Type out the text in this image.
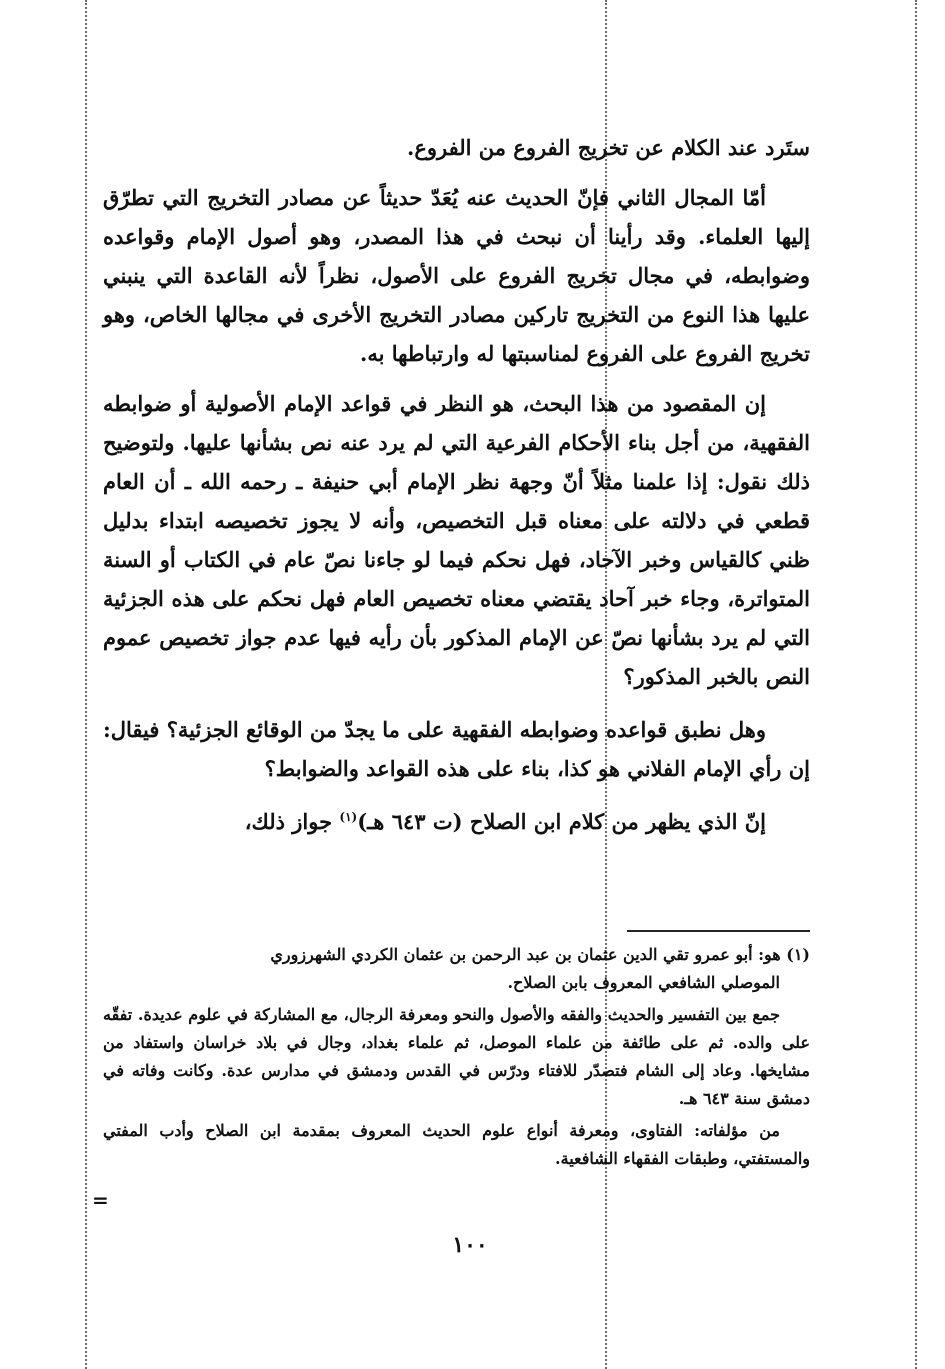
ستَرد عند الكلام عن تخريج الفروع من الفروع.

أمّا المجال الثاني فإنّ الحديث عنه يُعَدّ حديثاً عن مصادر التخريج التي تطرّق إليها العلماء. وقد رأينا أن نبحث في هذا المصدر، وهو أصول الإمام وقواعده وضوابطه، في مجال تخريج الفروع على الأصول، نظراً لأنه القاعدة التي ينبني عليها هذا النوع من التخريج تاركين مصادر التخريج الأخرى في مجالها الخاص، وهو تخريج الفروع على الفروع لمناسبتها له وارتباطها به.

إن المقصود من هذا البحث، هو النظر في قواعد الإمام الأصولية أو ضوابطه الفقهية، من أجل بناء الأحكام الفرعية التي لم يرد عنه نص بشأنها عليها. ولتوضيح ذلك نقول: إذا علمنا مثلاً أنّ وجهة نظر الإمام أبي حنيفة ـ رحمه الله ـ أن العام قطعي في دلالته على معناه قبل التخصيص، وأنه لا يجوز تخصيصه ابتداء بدليل ظني كالقياس وخبر الآحاد، فهل نحكم فيما لو جاءنا نصّ عام في الكتاب أو السنة المتواترة، وجاء خبر آحاد يقتضي معناه تخصيص العام فهل نحكم على هذه الجزئية التي لم يرد بشأنها نصّ عن الإمام المذكور بأن رأيه فيها عدم جواز تخصيص عموم النص بالخبر المذكور؟

وهل نطبق قواعده وضوابطه الفقهية على ما يجدّ من الوقائع الجزئية؟ فيقال: إن رأي الإمام الفلاني هو كذا، بناء على هذه القواعد والضوابط؟

إنّ الذي يظهر من كلام ابن الصلاح (ت ٦٤٣ هـ)$^{(١)}$ جواز ذلك،

(١) هو: أبو عمرو تقي الدين عثمان بن عبد الرحمن بن عثمان الكردي الشهرزوري

الموصلي الشافعي المعروف بابن الصلاح.

جمع بين التفسير والحديث والفقه والأصول والنحو ومعرفة الرجال، مع المشاركة في علوم عديدة. تفقّه على والده. ثم على طائفة من علماء الموصل، ثم علماء بغداد، وجال في بلاد خراسان واستفاد من مشايخها. وعاد إلى الشام فتصدّر للافتاء ودرّس في القدس ودمشق في مدارس عدة. وكانت وفاته في دمشق سنة ٦٤٣ هـ.

من مؤلفاته: الفتاوى، ومعرفة أنواع علوم الحديث المعروف بمقدمة ابن الصلاح وأدب المفتي والمستفتي، وطبقات الفقهاء الشافعية.

=
١٠٠
